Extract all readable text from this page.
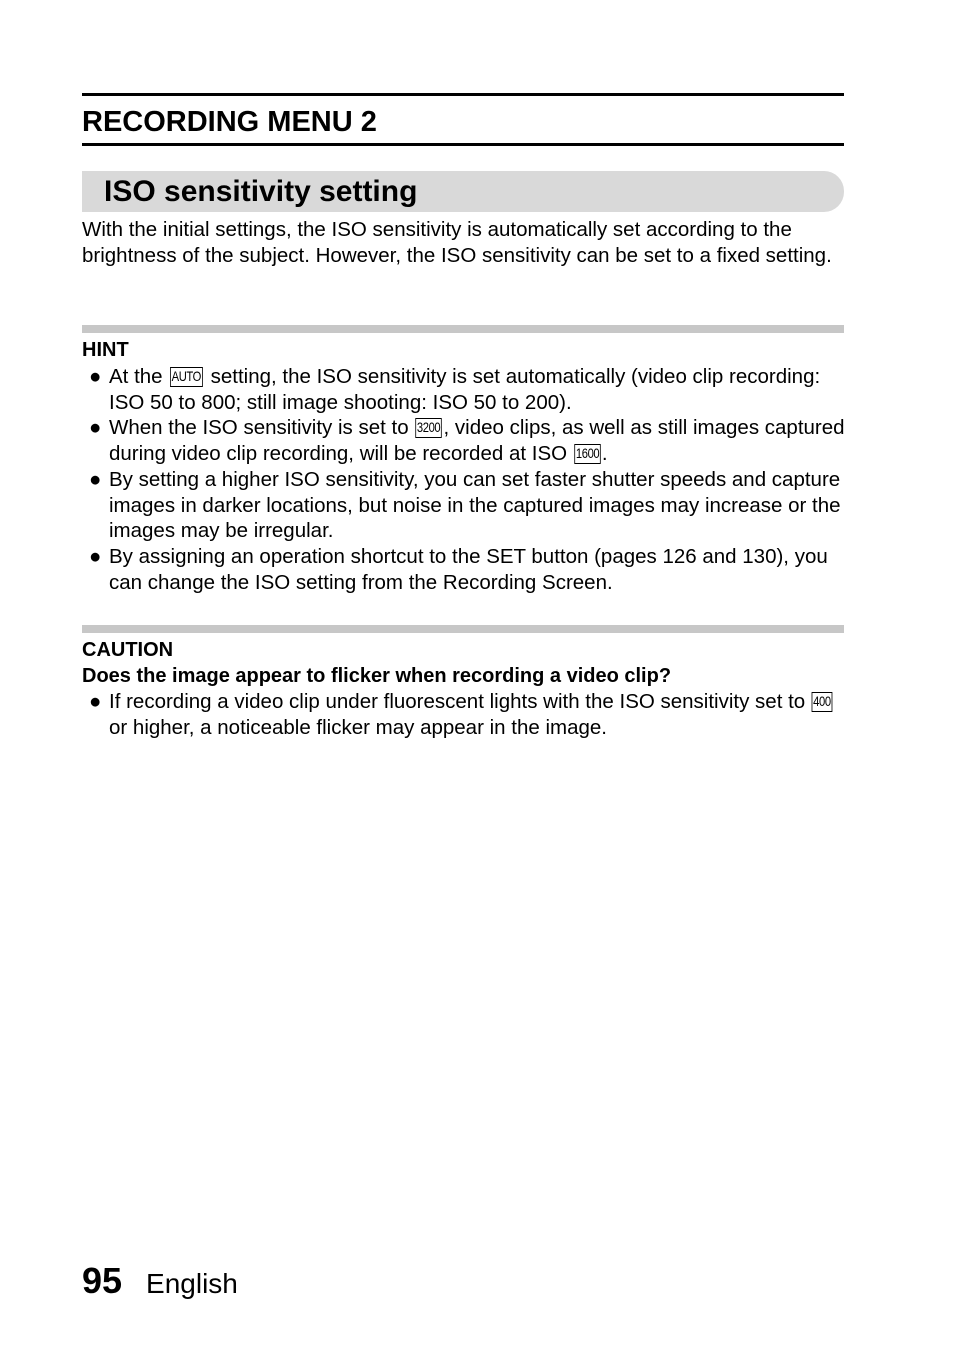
RECORDING MENU 2
ISO sensitivity setting

With the initial settings, the ISO sensitivity is automatically set according to the brightness of the subject. However, the ISO sensitivity can be set to a fixed setting.

HINT

● At the AUTO setting, the ISO sensitivity is set automatically (video clip recording: ISO 50 to 800; still image shooting: ISO 50 to 200).
● When the ISO sensitivity is set to 3200 , video clips, as well as still images captured during video clip recording, will be recorded at ISO 1600 .
● By setting a higher ISO sensitivity, you can set faster shutter speeds and capture images in darker locations, but noise in the captured images may increase or the images may be irregular.
● By assigning an operation shortcut to the SET button (pages 126 and 130), you can change the ISO setting from the Recording Screen.

CAUTION

Does the image appear to flicker when recording a video clip?

● If recording a video clip under fluorescent lights with the ISO sensitivity set to 400 or higher, a noticeable flicker may appear in the image.
95 English
